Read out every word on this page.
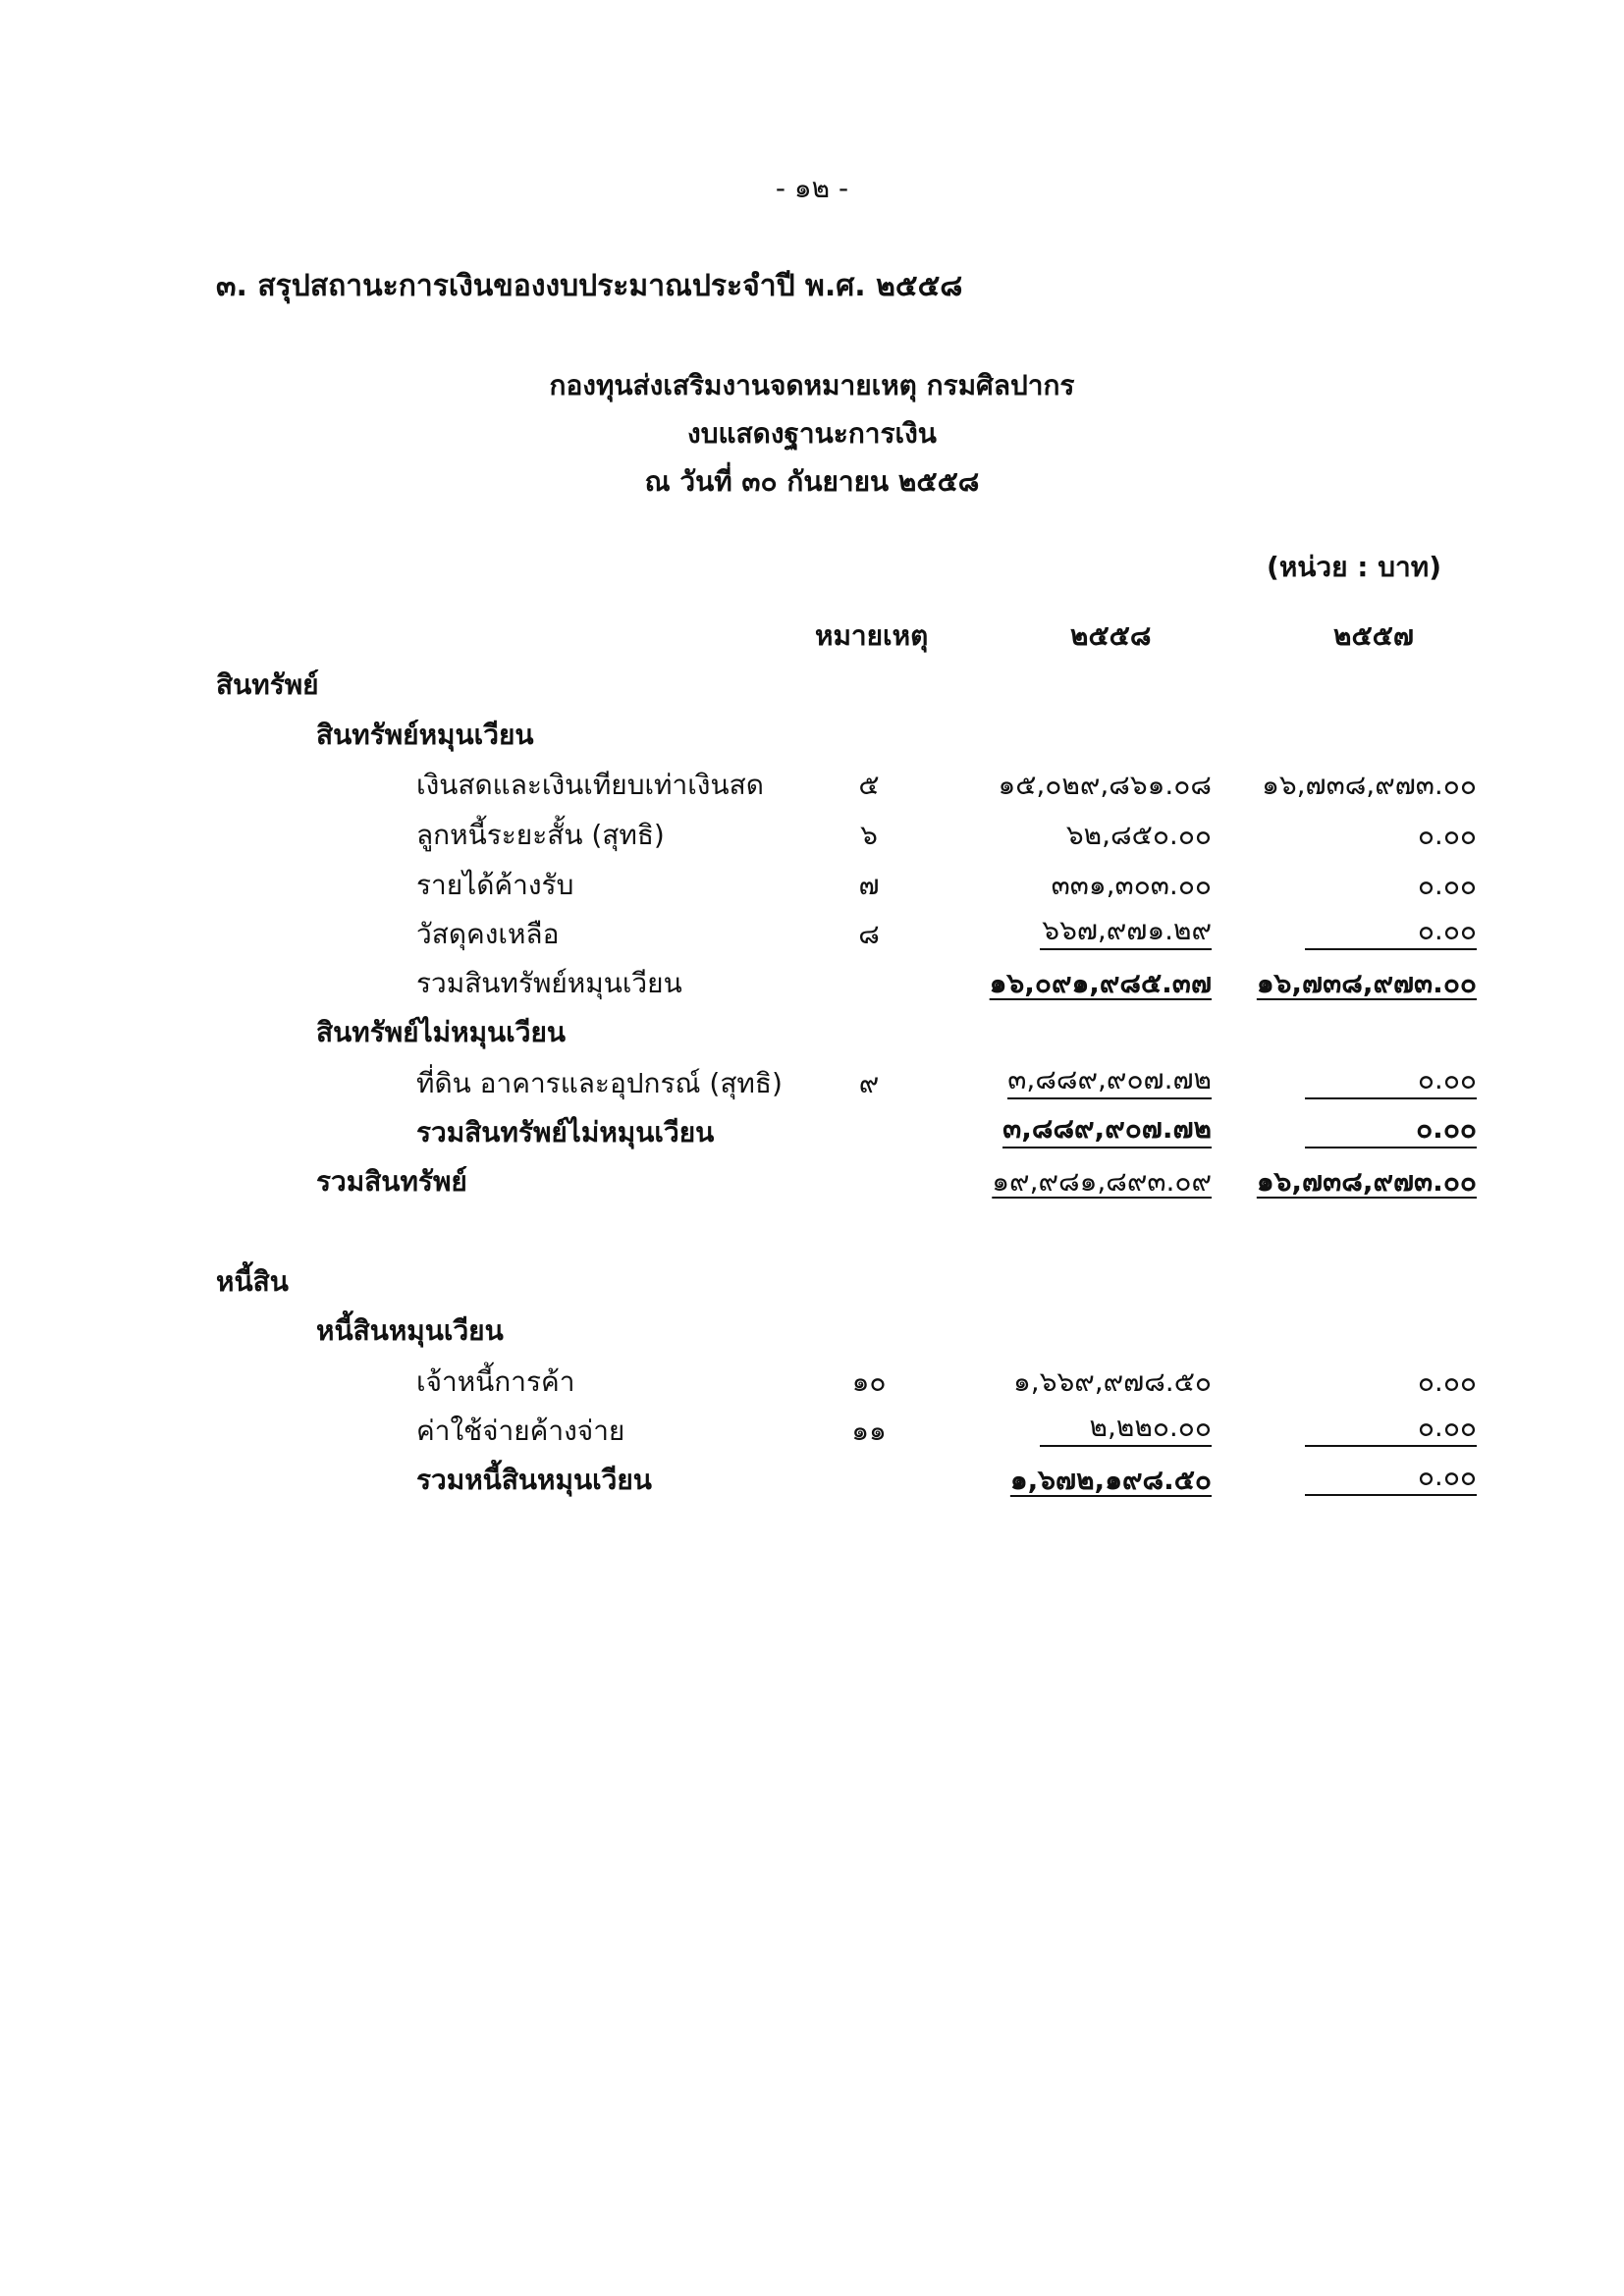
- ๑๒ -
๓. สรุปสถานะการเงินของงบประมาณประจำปี พ.ศ. ๒๕๕๘
กองทุนส่งเสริมงานจดหมายเหตุ กรมศิลปากร
งบแสดงฐานะการเงิน
ณ วันที่ ๓๐ กันยายน ๒๕๕๘
(หน่วย : บาท)
หมายเหตุ	๒๕๕๘	๒๕๕๗
สินทรัพย์
สินทรัพย์หมุนเวียน
เงินสดและเงินเทียบเท่าเงินสด	๕	๑๕,๐๒๙,๘๖๑.๐๘ ๑๖,๗๓๘,๙๗๓.๐๐
ลูกหนี้ระยะสั้น (สุทธิ)	๖	๖๒,๘๕๐.๐๐	๐.๐๐
รายได้ค้างรับ	๗	๓๓๑,๓๐๓.๐๐	๐.๐๐
วัสดุคงเหลือ	๘	๖๖๗,๙๗๑.๒๙	๐.๐๐
รวมสินทรัพย์หมุนเวียน	๑๖,๐๙๑,๙๘๕.๓๗ ๑๖,๗๓๘,๙๗๓.๐๐
สินทรัพย์ไม่หมุนเวียน
ที่ดิน อาคารและอุปกรณ์ (สุทธิ)	๙	๓,๘๘๙,๙๐๗.๗๒	๐.๐๐
รวมสินทรัพย์ไม่หมุนเวียน	๓,๘๘๙,๙๐๗.๗๒	๐.๐๐
รวมสินทรัพย์	๑๙,๙๘๑,๘๙๓.๐๙ ๑๖,๗๓๘,๙๗๓.๐๐
หนี้สิน
หนี้สินหมุนเวียน
เจ้าหนี้การค้า	๑๐	๑,๖๖๙,๙๗๘.๕๐	๐.๐๐
ค่าใช้จ่ายค้างจ่าย	๑๑	๒,๒๒๐.๐๐	๐.๐๐
รวมหนี้สินหมุนเวียน	๑,๖๗๒,๑๙๘.๕๐	๐.๐๐
